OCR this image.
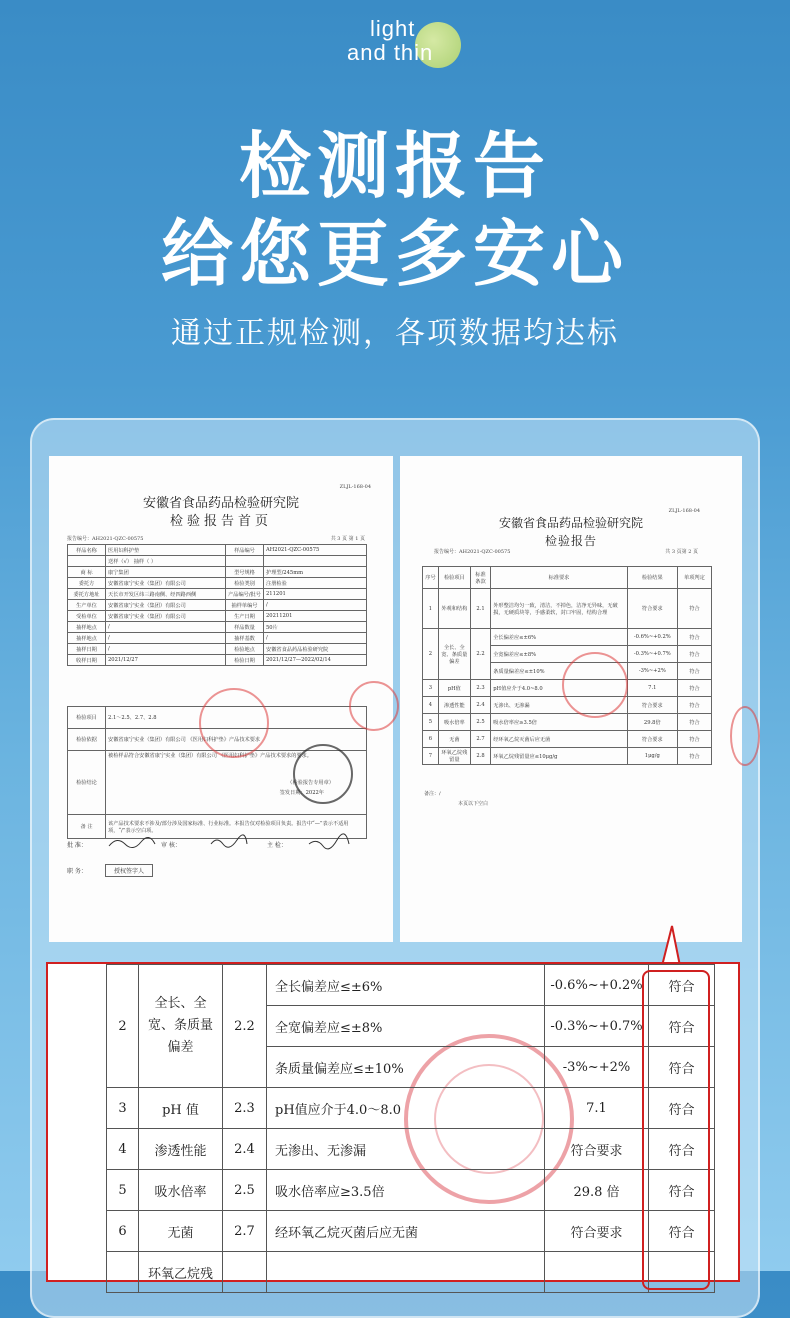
light
and thin
检测报告
给您更多安心
通过正规检测，各项数据均达标
ZLJL-168-04
安徽省食品药品检验研究院
检验报告首页
报告编号：AH2021-QZC-00575	共 3 页 第 1 页
样品名称	医用妇科护垫	样品编号	AH2021-QZC-00575
	送样（√） 抽样（ ）		
商 标	康宁集团	型号规格	护理型/245mm
委托方	安徽省康宁实业（集团）有限公司	检验类别	注册检验
委托方地址	天长市开发区纬三路南侧、经四路西侧	产品编号/批号	211201
生产单位	安徽省康宁实业（集团）有限公司	抽样单编号	/
受检单位	安徽省康宁实业（集团）有限公司	生产日期	20211201
抽样地点	/	样品数量	50片
抽样地点	/	抽样基数	/
抽样日期	/	检验地点	安徽省食品药品检验研究院
收样日期	2021/12/27	检验日期	2021/12/27—2022/02/14
检验项目	2.1～2.5、2.7、2.8
检验依据	安徽省康宁实业（集团）有限公司 《医用妇科护垫》产品技术要求
检验结论	被检样品符合安徽省康宁实业（集团）有限公司 《医用妇科护垫》产品技术要求的要求。
（检验报告专用章）
签发日期：2022年

备 注	该产品技术要求不涉及/部分涉及国家标准、行业标准。本报告仅对检验项目负责。报告中“—”表示不适用项，“/”表示空白项。
批 准：	审 核：	主 检：
职 务：	授权签字人
ZLJL-168-04
安徽省食品药品检验研究院
检验报告
报告编号：AH2021-QZC-00575	共 3 页第 2 页
序号	检验项目	标准条款	标准要求	检验结果	单项判定
1	外观和结构	2.1	外形整洁均匀一致，清洁，不掉色，洁净无异味，无破损，无硬质块等，手感柔软，封口牢固，结构合理	符合要求	符合
2	全长、全宽、条质量偏差	2.2	全长偏差应≤±6%	-0.6%~+0.2%	符合
			全宽偏差应≤±8%	-0.3%~+0.7%	符合
			条质量偏差应≤±10%	-3%~+2%	符合
3	pH值	2.3	pH值应介于4.0~8.0	7.1	符合
4	渗透性能	2.4	无渗出、无渗漏	符合要求	符合
5	吸水倍率	2.5	吸水倍率应≥3.5倍	29.8倍	符合
6	无菌	2.7	经环氧乙烷灭菌后应无菌	符合要求	符合
7	环氧乙烷残留量	2.8	环氧乙烷残留量应≤10μg/g	1μg/g	符合
备注：/
本页以下空白
2	全长、全宽、条质量偏差	2.2	全长偏差应≤±6%	-0.6%~+0.2%	符合
			全宽偏差应≤±8%	-0.3%~+0.7%	符合
			条质量偏差应≤±10%	-3%~+2%	符合
3	pH 值	2.3	pH值应介于4.0～8.0	7.1	符合
4	渗透性能	2.4	无渗出、无渗漏	符合要求	符合
5	吸水倍率	2.5	吸水倍率应≥3.5倍	29.8 倍	符合
6	无菌	2.7	经环氧乙烷灭菌后应无菌	符合要求	符合
	环氧乙烷残				
